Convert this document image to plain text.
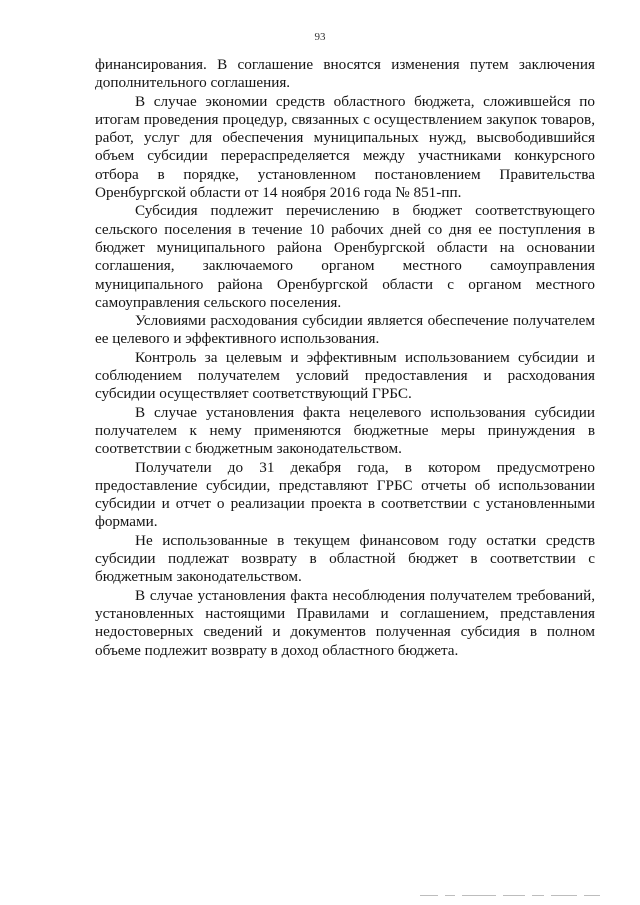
93

финансирования. В соглашение вносятся изменения путем заключения дополнительного соглашения.

В случае экономии средств областного бюджета, сложившейся по итогам проведения процедур, связанных с осуществлением закупок товаров, работ, услуг для обеспечения муниципальных нужд, высвободившийся объем субсидии перераспределяется между участниками конкурсного отбора в порядке, установленном постановлением Правительства Оренбургской области от 14 ноября 2016 года № 851-пп.

Субсидия подлежит перечислению в бюджет соответствующего сельского поселения в течение 10 рабочих дней со дня ее поступления в бюджет муниципального района Оренбургской области на основании соглашения, заключаемого органом местного самоуправления муниципального района Оренбургской области с органом местного самоуправления сельского поселения.

Условиями расходования субсидии является обеспечение получателем ее целевого и эффективного использования.

Контроль за целевым и эффективным использованием субсидии и соблюдением получателем условий предоставления и расходования субсидии осуществляет соответствующий ГРБС.

В случае установления факта нецелевого использования субсидии получателем к нему применяются бюджетные меры принуждения в соответствии с бюджетным законодательством.

Получатели до 31 декабря года, в котором предусмотрено предоставление субсидии, представляют ГРБС отчеты об использовании субсидии и отчет о реализации проекта в соответствии с установленными формами.

Не использованные в текущем финансовом году остатки средств субсидии подлежат возврату в областной бюджет в соответствии с бюджетным законодательством.

В случае установления факта несоблюдения получателем требований, установленных настоящими Правилами и соглашением, представления недостоверных сведений и документов полученная субсидия в полном объеме подлежит возврату в доход областного бюджета.
